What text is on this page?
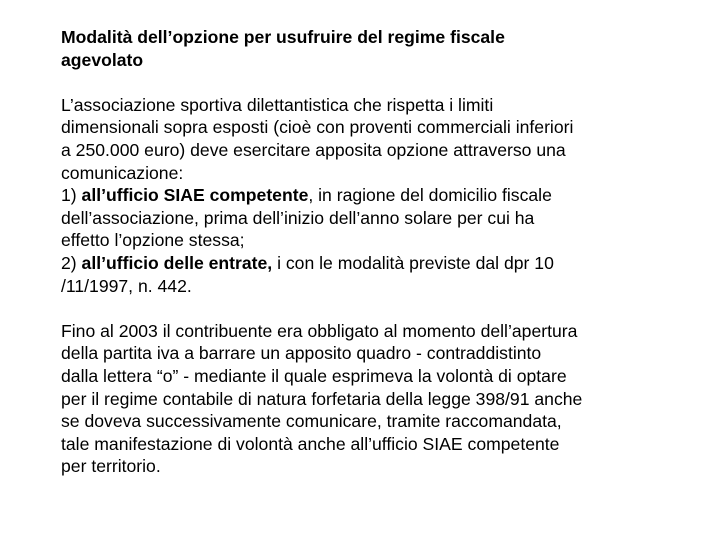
Modalità dell’opzione per usufruire del regime fiscale
agevolato
L’associazione sportiva dilettantistica che rispetta i limiti
dimensionali sopra esposti (cioè con proventi commerciali inferiori
a 250.000 euro) deve esercitare apposita opzione attraverso una
comunicazione:
1) all’ufficio SIAE competente, in ragione del domicilio fiscale
dell’associazione, prima dell’inizio dell’anno solare per cui ha
effetto l’opzione stessa;
2) all’ufficio delle entrate, i con le modalità previste dal dpr 10
/11/1997, n. 442.
Fino al 2003 il contribuente era obbligato al momento dell’apertura
della partita iva a barrare un apposito quadro - contraddistinto
dalla lettera “o” - mediante il quale esprimeva la volontà di optare
per il regime contabile di natura forfetaria della legge 398/91 anche
se doveva successivamente comunicare, tramite raccomandata,
tale manifestazione di volontà anche all’ufficio SIAE competente
per territorio.
